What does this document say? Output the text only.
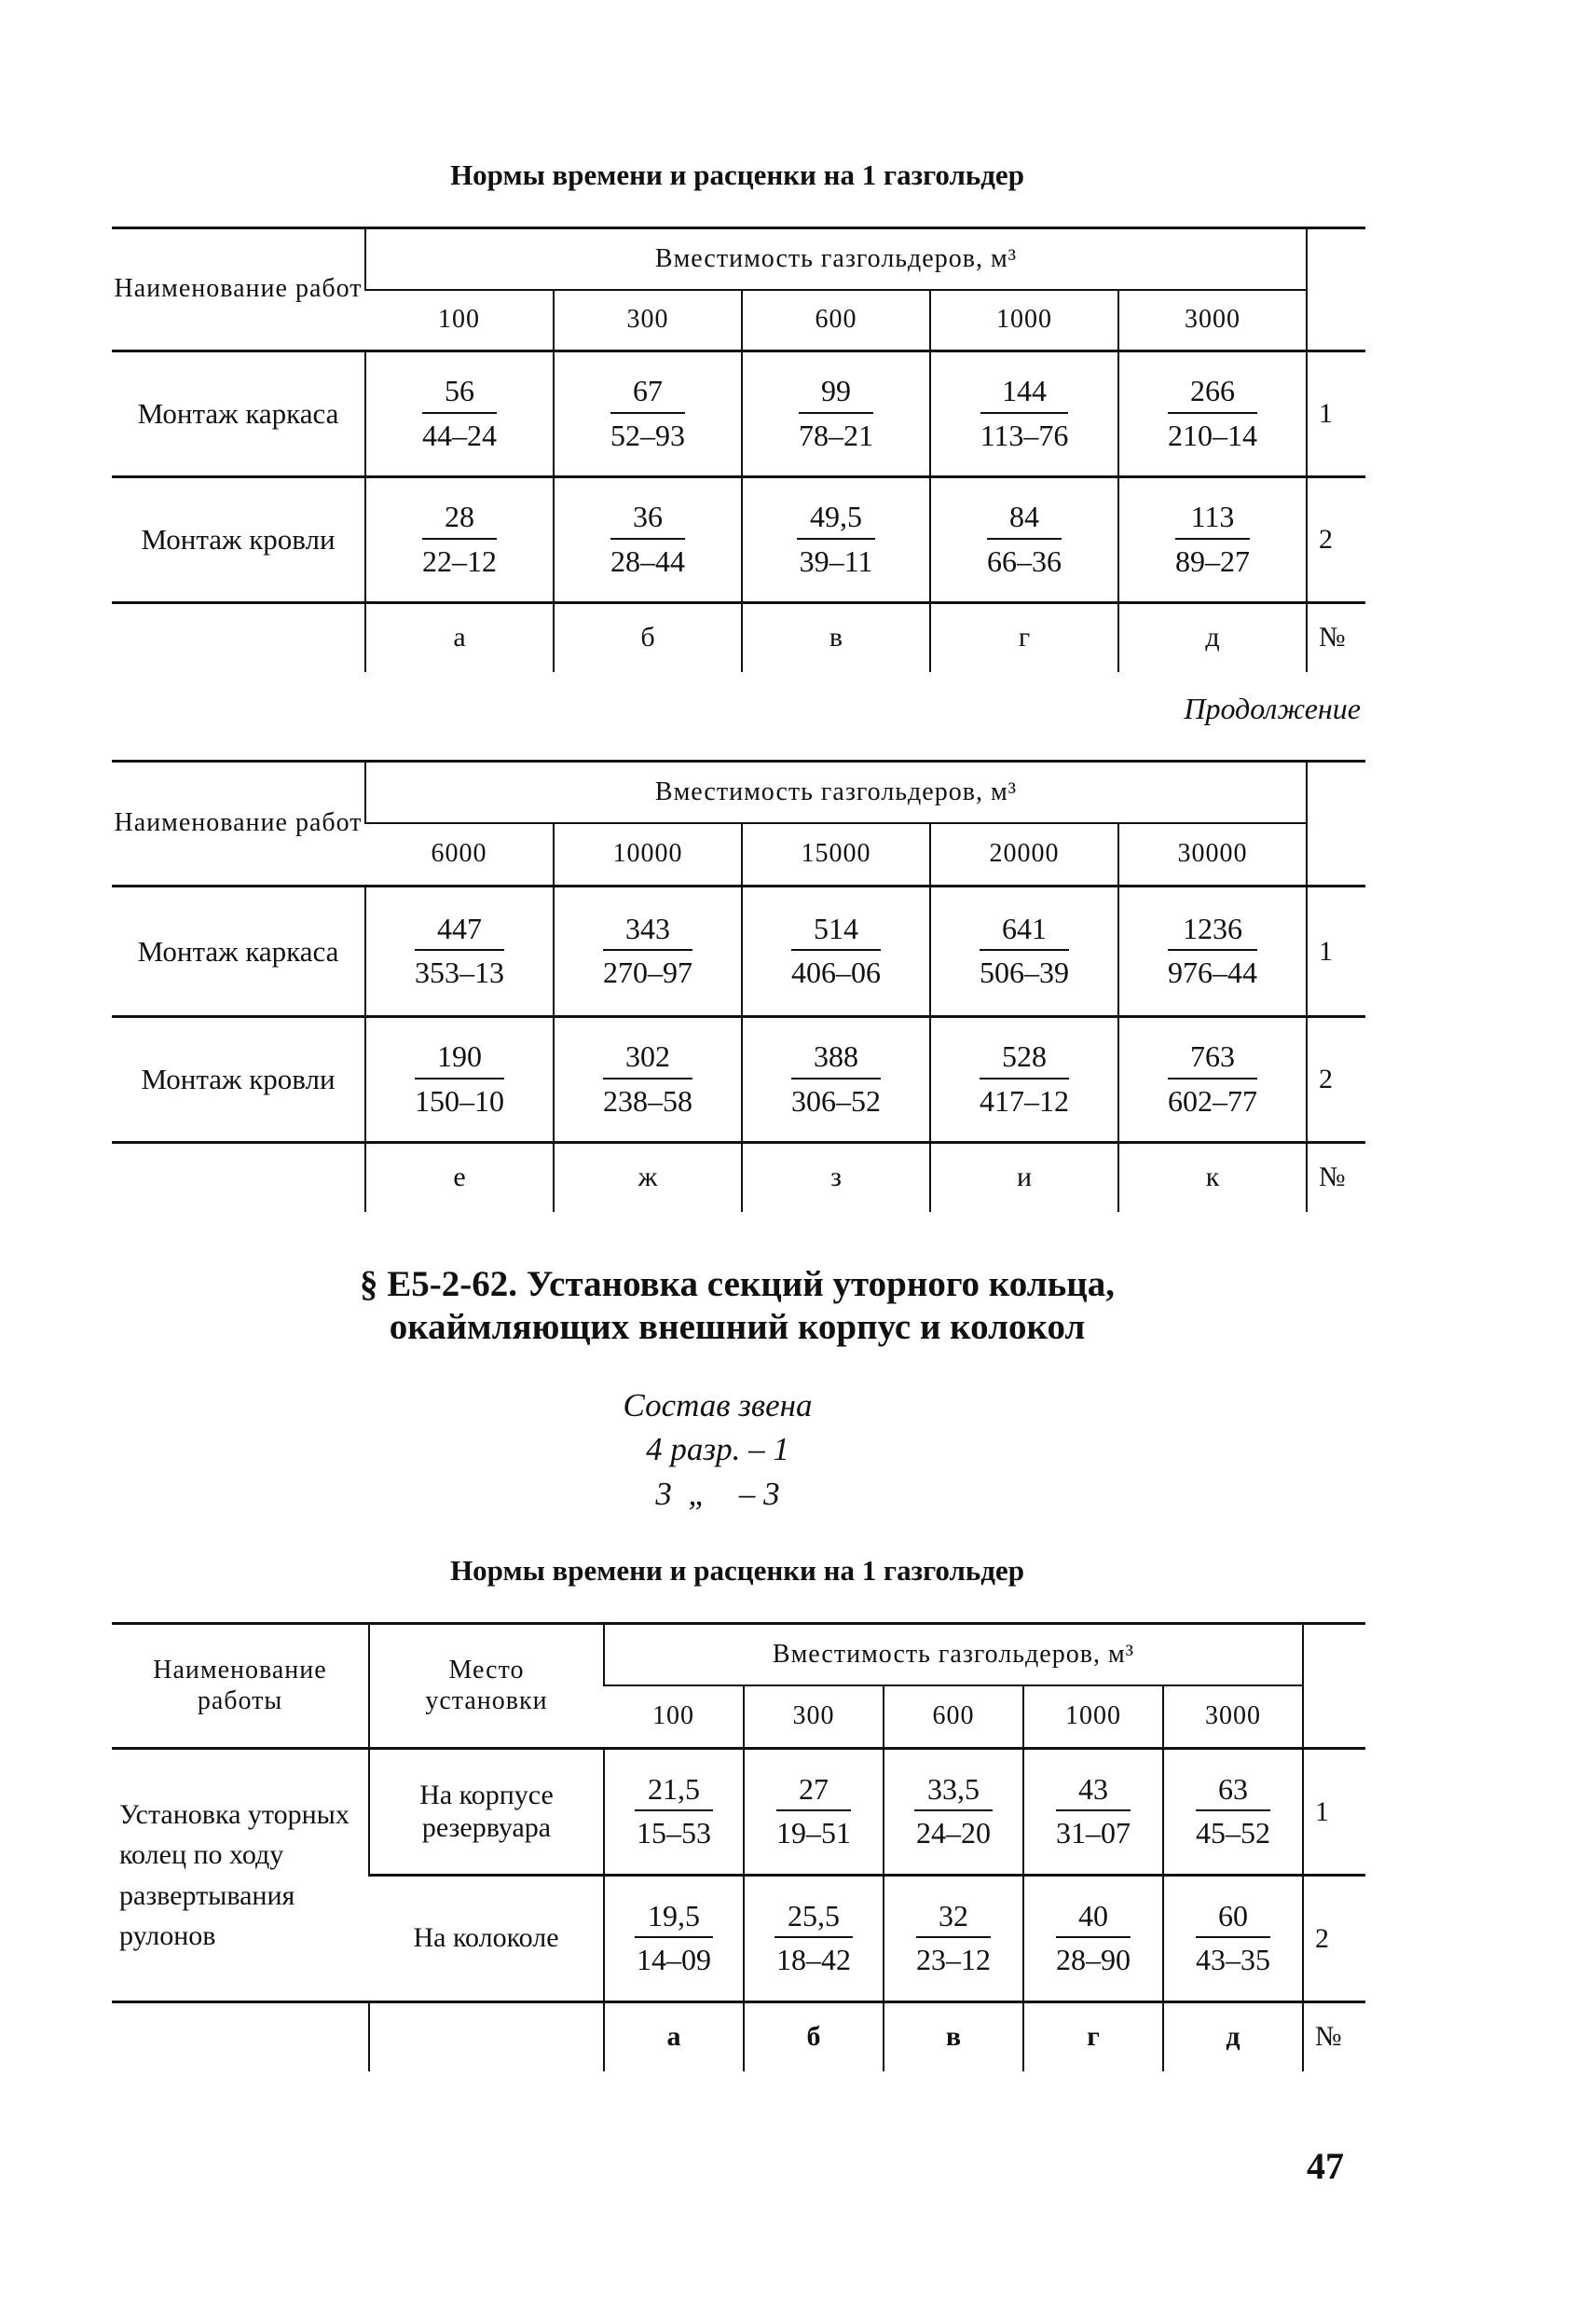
Нормы времени и расценки на 1 газгольдер
Наименование работ	Вместимость газгольдеров, м³					
	100	300	600	1000	3000	
Монтаж каркаса	$\frac{56}{44-24}$	$\frac{67}{52-93}$	$\frac{99}{78-21}$	$\frac{144}{113-76}$	$\frac{266}{210-14}$	1
Монтаж кровли	$\frac{28}{22-12}$	$\frac{36}{28-44}$	$\frac{49,5}{39-11}$	$\frac{84}{66-36}$	$\frac{113}{89-27}$	2
	а	б	в	г	д	№
Продолжение
Наименование работ	Вместимость газгольдеров, м³					
	6000	10000	15000	20000	30000	
Монтаж каркаса	$\frac{447}{353-13}$	$\frac{343}{270-97}$	$\frac{514}{406-06}$	$\frac{641}{506-39}$	$\frac{1236}{976-44}$	1
Монтаж кровли	$\frac{190}{150-10}$	$\frac{302}{238-58}$	$\frac{388}{306-52}$	$\frac{528}{417-12}$	$\frac{763}{602-77}$	2
	е	ж	з	и	к	№
§ Е5-2-62. Установка секций уторного кольца,
окаймляющих внешний корпус и колокол
Состав звена
4 разр. – 1
3  „    – 3
Нормы времени и расценки на 1 газгольдер
Наименование работы	Место установки	Вместимость газгольдеров, м³					
		100	300	600	1000	3000	
Установка уторных колец по ходу развертывания рулонов	На корпусе резервуара	$\frac{21,5}{15-53}$	$\frac{27}{19-51}$	$\frac{33,5}{24-20}$	$\frac{43}{31-07}$	$\frac{63}{45-52}$	1
	На колоколе	$\frac{19,5}{14-09}$	$\frac{25,5}{18-42}$	$\frac{32}{23-12}$	$\frac{40}{28-90}$	$\frac{60}{43-35}$	2
		а	б	в	г	д	№
47
